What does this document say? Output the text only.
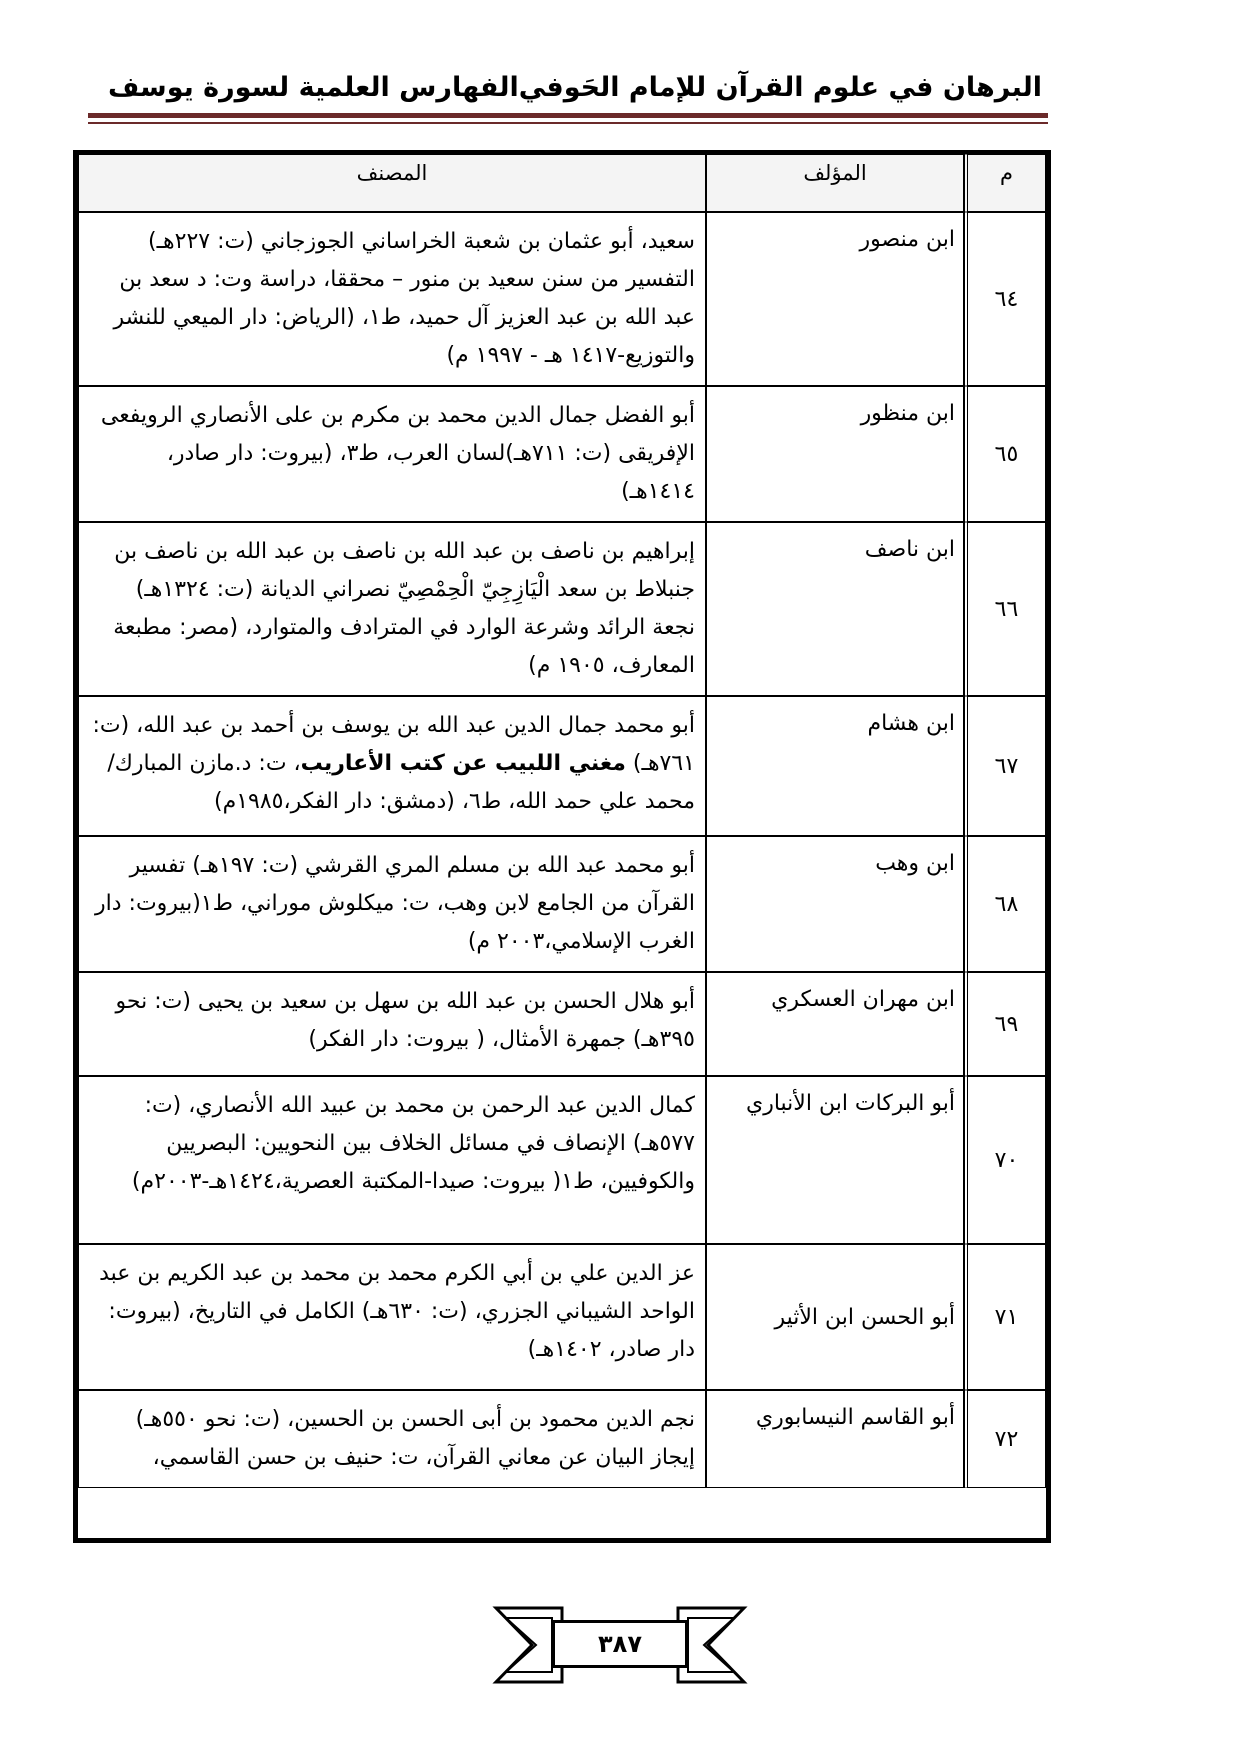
البرهان في علوم القرآن للإمام الحَوفي
الفهارس العلمية لسورة يوسف
م	المؤلف	المصنف
٦٤	ابن منصور	سعيد، أبو عثمان بن شعبة الخراساني الجوزجاني (ت: ٢٢٧هـ) التفسير من سنن سعيد بن منور – محققا، دراسة وت: د سعد بن عبد الله بن عبد العزيز آل حميد، ط١، (الرياض: دار الميعي للنشر والتوزيع-١٤١٧ هـ - ١٩٩٧ م)
٦٥	ابن منظور	أبو الفضل جمال الدين محمد بن مكرم بن على الأنصاري الرويفعى الإفريقى (ت: ٧١١هـ)لسان العرب، ط٣، (بيروت: دار صادر، ١٤١٤هـ)
٦٦	ابن ناصف	إبراهيم بن ناصف بن عبد الله بن ناصف بن عبد الله بن ناصف بن جنبلاط بن سعد الْيَازِجِيّ الْحِمْصِيّ نصراني الديانة (ت: ١٣٢٤هـ) نجعة الرائد وشرعة الوارد في المترادف والمتوارد، (مصر: مطبعة المعارف، ١٩٠٥ م)
٦٧	ابن هشام	أبو محمد جمال الدين عبد الله بن يوسف بن أحمد بن عبد الله، (ت: ٧٦١هـ) مغني اللبيب عن كتب الأعاريب، ت: د.مازن المبارك/محمد علي حمد الله، ط٦، (دمشق: دار الفكر،١٩٨٥م)
٦٨	ابن وهب	أبو محمد عبد الله بن مسلم المري القرشي (ت: ١٩٧هـ) تفسير القرآن من الجامع لابن وهب، ت: ميكلوش موراني، ط١(بيروت: دار الغرب الإسلامي،٢٠٠٣ م)
٦٩	ابن مهران العسكري	أبو هلال الحسن بن عبد الله بن سهل بن سعيد بن يحيى (ت: نحو ٣٩٥هـ) جمهرة الأمثال، ( بيروت: دار الفكر)
٧٠	أبو البركات ابن الأنباري	كمال الدين عبد الرحمن بن محمد بن عبيد الله الأنصاري، (ت: ٥٧٧هـ) الإنصاف في مسائل الخلاف بين النحويين: البصريين والكوفيين، ط١( بيروت: صيدا-المكتبة العصرية،١٤٢٤هـ-٢٠٠٣م)
٧١	أبو الحسن ابن الأثير	عز الدين علي بن أبي الكرم محمد بن محمد بن عبد الكريم بن عبد الواحد الشيباني الجزري، (ت: ٦٣٠هـ) الكامل في التاريخ، (بيروت: دار صادر، ١٤٠٢هـ)
٧٢	أبو القاسم النيسابوري	نجم الدين محمود بن أبى الحسن بن الحسين، (ت: نحو ٥٥٠هـ) إيجاز البيان عن معاني القرآن، ت: حنيف بن حسن القاسمي،
٣٨٧
